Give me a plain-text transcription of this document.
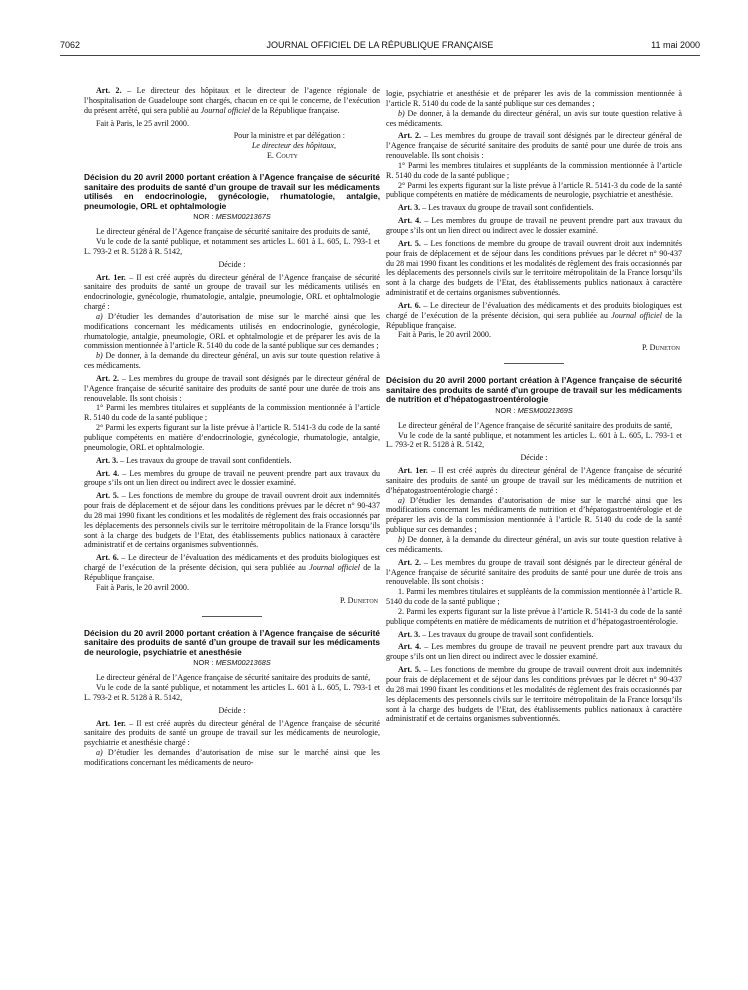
7062	JOURNAL OFFICIEL DE LA RÉPUBLIQUE FRANÇAISE	11 mai 2000

Art. 2. – Le directeur des hôpitaux et le directeur de l’agence régionale de l’hospitalisation de Guadeloupe sont chargés, chacun en ce qui le concerne, de l’exécution du présent arrêté, qui sera publié au Journal officiel de la République française.

Fait à Paris, le 25 avril 2000.

Pour la ministre et par délégation :

Le directeur des hôpitaux,

E. Couty

Décision du 20 avril 2000 portant création à l’Agence française de sécurité sanitaire des produits de santé d’un groupe de travail sur les médicaments utilisés en endocrinologie, gynécologie, rhumatologie, antalgie, pneumologie, ORL et ophtalmologie

NOR : MESM0021367S

Le directeur général de l’Agence française de sécurité sanitaire des produits de santé,

Vu le code de la santé publique, et notamment ses articles L. 601 à L. 605, L. 793-1 et L. 793-2 et R. 5128 à R. 5142,

Décide :

Art. 1er. – Il est créé auprès du directeur général de l’Agence française de sécurité sanitaire des produits de santé un groupe de travail sur les médicaments utilisés en endocrinologie, gynécologie, rhumatologie, antalgie, pneumologie, ORL et ophtalmologie chargé :

a) D’étudier les demandes d’autorisation de mise sur le marché ainsi que les modifications concernant les médicaments utilisés en endocrinologie, gynécologie, rhumatologie, antalgie, pneumologie, ORL et ophtalmologie et de préparer les avis de la commission mentionnée à l’article R. 5140 du code de la santé publique sur ces demandes ;

b) De donner, à la demande du directeur général, un avis sur toute question relative à ces médicaments.

Art. 2. – Les membres du groupe de travail sont désignés par le directeur général de l’Agence française de sécurité sanitaire des produits de santé pour une durée de trois ans renouvelable. Ils sont choisis :

1° Parmi les membres titulaires et suppléants de la commission mentionnée à l’article R. 5140 du code de la santé publique ;

2° Parmi les experts figurant sur la liste prévue à l’article R. 5141-3 du code de la santé publique compétents en matière d’endocrinologie, gynécologie, rhumatologie, antalgie, pneumologie, ORL et ophtalmologie.

Art. 3. – Les travaux du groupe de travail sont confidentiels.

Art. 4. – Les membres du groupe de travail ne peuvent prendre part aux travaux du groupe s’ils ont un lien direct ou indirect avec le dossier examiné.

Art. 5. – Les fonctions de membre du groupe de travail ouvrent droit aux indemnités pour frais de déplacement et de séjour dans les conditions prévues par le décret n° 90-437 du 28 mai 1990 fixant les conditions et les modalités de règlement des frais occasionnés par les déplacements des personnels civils sur le territoire métropolitain de la France lorsqu’ils sont à la charge des budgets de l’Etat, des établissements publics nationaux à caractère administratif et de certains organismes subventionnés.

Art. 6. – Le directeur de l’évaluation des médicaments et des produits biologiques est chargé de l’exécution de la présente décision, qui sera publiée au Journal officiel de la République française.

Fait à Paris, le 20 avril 2000.

P. Duneton

Décision du 20 avril 2000 portant création à l’Agence française de sécurité sanitaire des produits de santé d’un groupe de travail sur les médicaments de neurologie, psychiatrie et anesthésie

NOR : MESM0021368S

Le directeur général de l’Agence française de sécurité sanitaire des produits de santé,

Vu le code de la santé publique, et notamment les articles L. 601 à L. 605, L. 793-1 et L. 793-2 et R. 5128 à R. 5142,

Décide :

Art. 1er. – Il est créé auprès du directeur général de l’Agence française de sécurité sanitaire des produits de santé un groupe de travail sur les médicaments de neurologie, psychiatrie et anesthésie chargé :

a) D’étudier les demandes d’autorisation de mise sur le marché ainsi que les modifications concernant les médicaments de neuro-

logie, psychiatrie et anesthésie et de préparer les avis de la commission mentionnée à l’article R. 5140 du code de la santé publique sur ces demandes ;

b) De donner, à la demande du directeur général, un avis sur toute question relative à ces médicaments.

Art. 2. – Les membres du groupe de travail sont désignés par le directeur général de l’Agence française de sécurité sanitaire des produits de santé pour une durée de trois ans renouvelable. Ils sont choisis :

1° Parmi les membres titulaires et suppléants de la commission mentionnée à l’article R. 5140 du code de la santé publique ;

2° Parmi les experts figurant sur la liste prévue à l’article R. 5141-3 du code de la santé publique compétents en matière de médicaments de neurologie, psychiatrie et anesthésie.

Art. 3. – Les travaux du groupe de travail sont confidentiels.

Art. 4. – Les membres du groupe de travail ne peuvent prendre part aux travaux du groupe s’ils ont un lien direct ou indirect avec le dossier examiné.

Art. 5. – Les fonctions de membre du groupe de travail ouvrent droit aux indemnités pour frais de déplacement et de séjour dans les conditions prévues par le décret n° 90-437 du 28 mai 1990 fixant les conditions et les modalités de règlement des frais occasionnés par les déplacements des personnels civils sur le territoire métropolitain de la France lorsqu’ils sont à la charge des budgets de l’Etat, des établissements publics nationaux à caractère administratif et de certains organismes subventionnés.

Art. 6. – Le directeur de l’évaluation des médicaments et des produits biologiques est chargé de l’exécution de la présente décision, qui sera publiée au Journal officiel de la République française.

Fait à Paris, le 20 avril 2000.

P. Duneton

Décision du 20 avril 2000 portant création à l’Agence française de sécurité sanitaire des produits de santé d’un groupe de travail sur les médicaments de nutrition et d’hépatogastroentérologie

NOR : MESM0021369S

Le directeur général de l’Agence française de sécurité sanitaire des produits de santé,

Vu le code de la santé publique, et notamment les articles L. 601 à L. 605, L. 793-1 et L. 793-2 et R. 5128 à R. 5142,

Décide :

Art. 1er. – Il est créé auprès du directeur général de l’Agence française de sécurité sanitaire des produits de santé un groupe de travail sur les médicaments de nutrition et d’hépatogastroentérologie chargé :

a) D’étudier les demandes d’autorisation de mise sur le marché ainsi que les modifications concernant les médicaments de nutrition et d’hépatogastroentérologie et de préparer les avis de la commission mentionnée à l’article R. 5140 du code de la santé publique sur ces demandes ;

b) De donner, à la demande du directeur général, un avis sur toute question relative à ces médicaments.

Art. 2. – Les membres du groupe de travail sont désignés par le directeur général de l’Agence française de sécurité sanitaire des produits de santé pour une durée de trois ans renouvelable. Ils sont choisis :

1. Parmi les membres titulaires et suppléants de la commission mentionnée à l’article R. 5140 du code de la santé publique ;

2. Parmi les experts figurant sur la liste prévue à l’article R. 5141-3 du code de la santé publique compétents en matière de médicaments de nutrition et d’hépatogastroentérologie.

Art. 3. – Les travaux du groupe de travail sont confidentiels.

Art. 4. – Les membres du groupe de travail ne peuvent prendre part aux travaux du groupe s’ils ont un lien direct ou indirect avec le dossier examiné.

Art. 5. – Les fonctions de membre du groupe de travail ouvrent droit aux indemnités pour frais de déplacement et de séjour dans les conditions prévues par le décret n° 90-437 du 28 mai 1990 fixant les conditions et les modalités de règlement des frais occasionnés par les déplacements des personnels civils sur le territoire métropolitain de la France lorsqu’ils sont à la charge des budgets de l’Etat, des établissements publics nationaux à caractère administratif et de certains organismes subventionnés.
